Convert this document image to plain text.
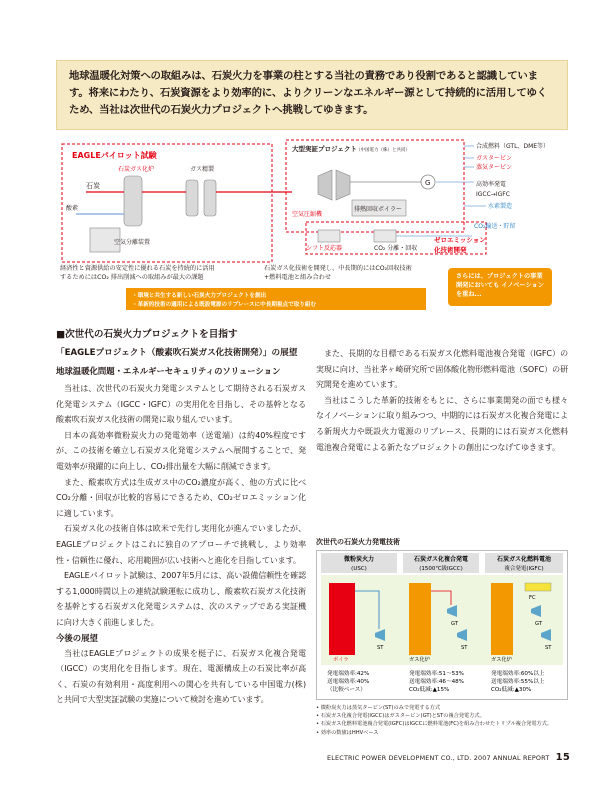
地球温暖化対策への取組みは、石炭火力を事業の柱とする当社の責務であり役割であると認識しています。将来にわたり、石炭資源をより効率的に、よりクリーンなエネルギー源として持続的に活用してゆくため、当社は次世代の石炭火力プロジェクトへ挑戦してゆきます。
EAGLEパイロット試験
大型実証プロジェクト （中国電力（株）と共同）
石炭ガス化炉	ガス精製
石炭
酸素
空気分離装置
空気圧縮機
排熱回収ボイラー
G
シフト反応器	CO₂ 分離・回収
合成燃料（GTL、DME等）
ガスタービン
蒸気タービン
高効率発電
IGCC→IGFC
水素製造
CO₂輸送・貯留
ゼロエミッション
化技術開発
・環境と共生する新しい石炭火力プロジェクトを創出
・革新的技術の適用による既設電源のリプレースに中長期視点で取り組む
経済性と資源供給の安定性に優れる石炭を持続的に活用するためにはCO₂ 排出削減への取組みが最大の課題
石炭ガス化技術を開発し、中長期的にはCO₂回収技術+燃料電池と組み合わせ	さらには、プロジェクトの事業開発においても イノベーションを重ね...
■次世代の石炭火力プロジェクトを目指す
「EAGLEプロジェクト（酸素吹石炭ガス化技術開発）」の展望
地球温暖化問題・エネルギーセキュリティのソリューション

当社は、次世代の石炭火力発電システムとして期待される石炭ガス化発電システム（IGCC・IGFC）の実用化を目指し、その基幹となる酸素吹石炭ガス化技術の開発に取り組んでいます。

日本の高効率微粉炭火力の発電効率（送電端）は約40%程度ですが、この技術を確立し石炭ガス化発電システムへ展開することで、発電効率が飛躍的に向上し、CO₂排出量を大幅に削減できます。

また、酸素吹方式は生成ガス中のCO₂濃度が高く、他の方式に比べCO₂分離・回収が比較的容易にできるため、CO₂ゼロエミッション化に適しています。

石炭ガス化の技術自体は欧米で先行し実用化が進んでいましたが、EAGLEプロジェクトはこれに独自のアプローチで挑戦し、より効率性・信頼性に優れ、応用範囲が広い技術へと進化を目指しています。

EAGLEパイロット試験は、2007年5月には、高い設備信頼性を確認する1,000時間以上の連続試験運転に成功し、酸素吹石炭ガス化技術を基幹とする石炭ガス化発電システムは、次のステップである実証機に向け大きく前進しました。

今後の展望

当社はEAGLEプロジェクトの成果を梃子に、石炭ガス化複合発電（IGCC）の実用化を目指します。現在、電源構成上の石炭比率が高く、石炭の有効利用・高度利用への関心を共有している中国電力(株)と共同で大型実証試験の実施について検討を進めています。

また、長期的な目標である石炭ガス化燃料電池複合発電（IGFC）の実現に向け、当社茅ヶ崎研究所で固体酸化物形燃料電池（SOFC）の研究開発を進めています。

当社はこうした革新的技術をもとに、さらに事業開発の面でも様々なイノベーションに取り組みつつ、中期的には石炭ガス化複合発電による新規火力や既設火力電源のリプレース、長期的には石炭ガス化燃料電池複合発電による新たなプロジェクトの創出につなげてゆきます。

次世代の石炭火力発電技術
微粉炭火力
(USC)
石炭ガス化複合発電
(1500℃級IGCC)
石炭ガス化燃料電池
複合発電(IGFC)
ボイラ
ST
ガス化炉
GT
ST
ガス化炉
FC
GT
ST
発電端効率:42%
送電端効率:40%
（比較ベース）
発電端効率:51〜53%
送電端効率:46〜48%
CO₂低減:▲15%
発電端効率:60%以上
送電端効率:55%以上
CO₂低減:▲30%
• 微粉炭火力は蒸気タービン(ST)のみで発電する方式
• 石炭ガス化複合発電(IGCC)はガスタービン(GT)とSTの複合発電方式。
• 石炭ガス化燃料電池複合発電(IGFC)はIGCCに燃料電池(FC)を組み合わせたトリプル複合発電方式。
• 効率の数値はHHVベース
ELECTRIC POWER DEVELOPMENT CO., LTD. 2007 ANNUAL REPORT 15
